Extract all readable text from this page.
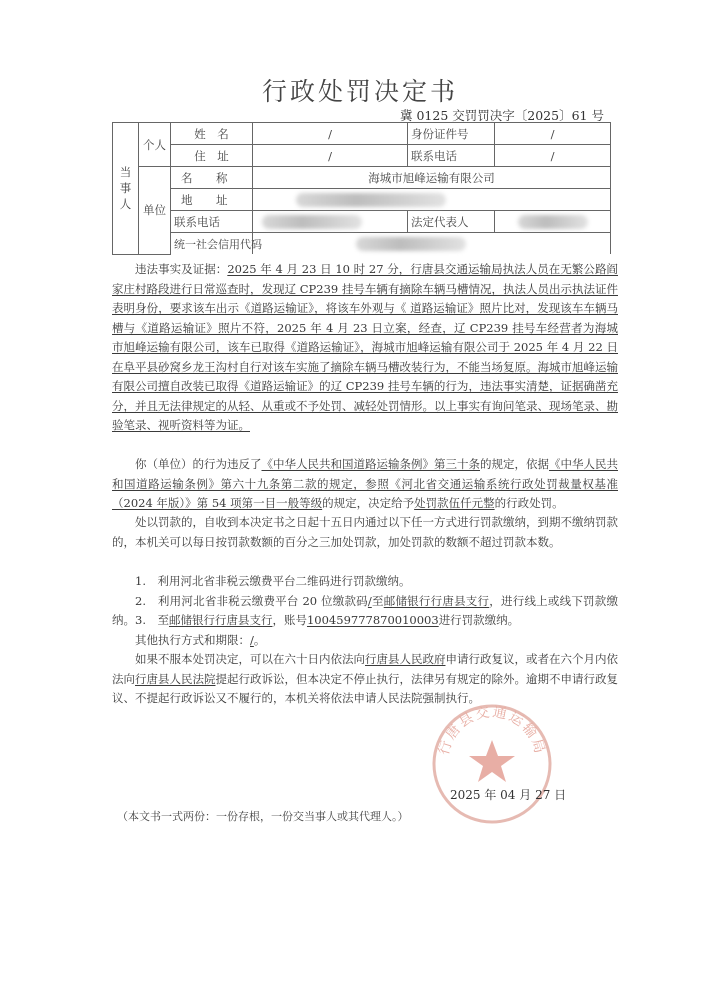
行政处罚决定书
冀 0125 交罚罚决字〔2025〕61 号
当事人	个人	姓　名	/	身份证件号	/
		住　址	/	联系电话	/
	单位	名　称	海城市旭峰运输有限公司		
		地　址			
		联系电话		法定代表人	
		统一社会信用代码			

违法事实及证据：2025 年 4 月 23 日 10 时 27 分，行唐县交通运输局执法人员在无繁公路阎家庄村路段进行日常巡查时，发现辽 CP239 挂号车辆有摘除车辆马槽情况，执法人员出示执法证件表明身份，要求该车出示《道路运输证》，将该车外观与《 道路运输证》照片比对，发现该车车辆马槽与《道路运输证》照片不符，2025 年 4 月 23 日立案，经查，辽 CP239 挂号车经营者为海城市旭峰运输有限公司，该车已取得《道路运输证》，海城市旭峰运输有限公司于 2025 年 4 月 22 日在阜平县砂窝乡龙王沟村自行对该车实施了摘除车辆马槽改装行为，不能当场复原。海城市旭峰运输有限公司擅自改装已取得《道路运输证》的辽 CP239 挂号车辆的行为，违法事实清楚，证据确凿充分，并且无法律规定的从轻、从重或不予处罚、减轻处罚情形。以上事实有询问笔录、现场笔录、勘验笔录、视听资料等为证。
你（单位）的行为违反了《中华人民共和国道路运输条例》第三十条的规定，依据《中华人民共和国道路运输条例》第六十九条第二款的规定，参照《河北省交通运输系统行政处罚裁量权基准（2024 年版）》第 54 项第一目一般等级的规定，决定给予处罚款伍仟元整的行政处罚。
处以罚款的，自收到本决定书之日起十五日内通过以下任一方式进行罚款缴纳，到期不缴纳罚款的，本机关可以每日按罚款数额的百分之三加处罚款，加处罚款的数额不超过罚款本数。
1.　利用河北省非税云缴费平台二维码进行罚款缴纳。
2.　利用河北省非税云缴费平台 20 位缴款码/至邮储银行行唐县支行，进行线上或线下罚款缴纳。 3.　至邮储银行行唐县支行，账号100459777870010003进行罚款缴纳。
其他执行方式和期限：/。
如果不服本处罚决定，可以在六十日内依法向行唐县人民政府申请行政复议，或者在六个月内依法向行唐县人民法院提起行政诉讼，但本决定不停止执行，法律另有规定的除外。逾期不申请行政复议、不提起行政诉讼又不履行的，本机关将依法申请人民法院强制执行。
行唐县交通运输局
2025 年 04 月 27 日
（本文书一式两份：一份存根，一份交当事人或其代理人。）
